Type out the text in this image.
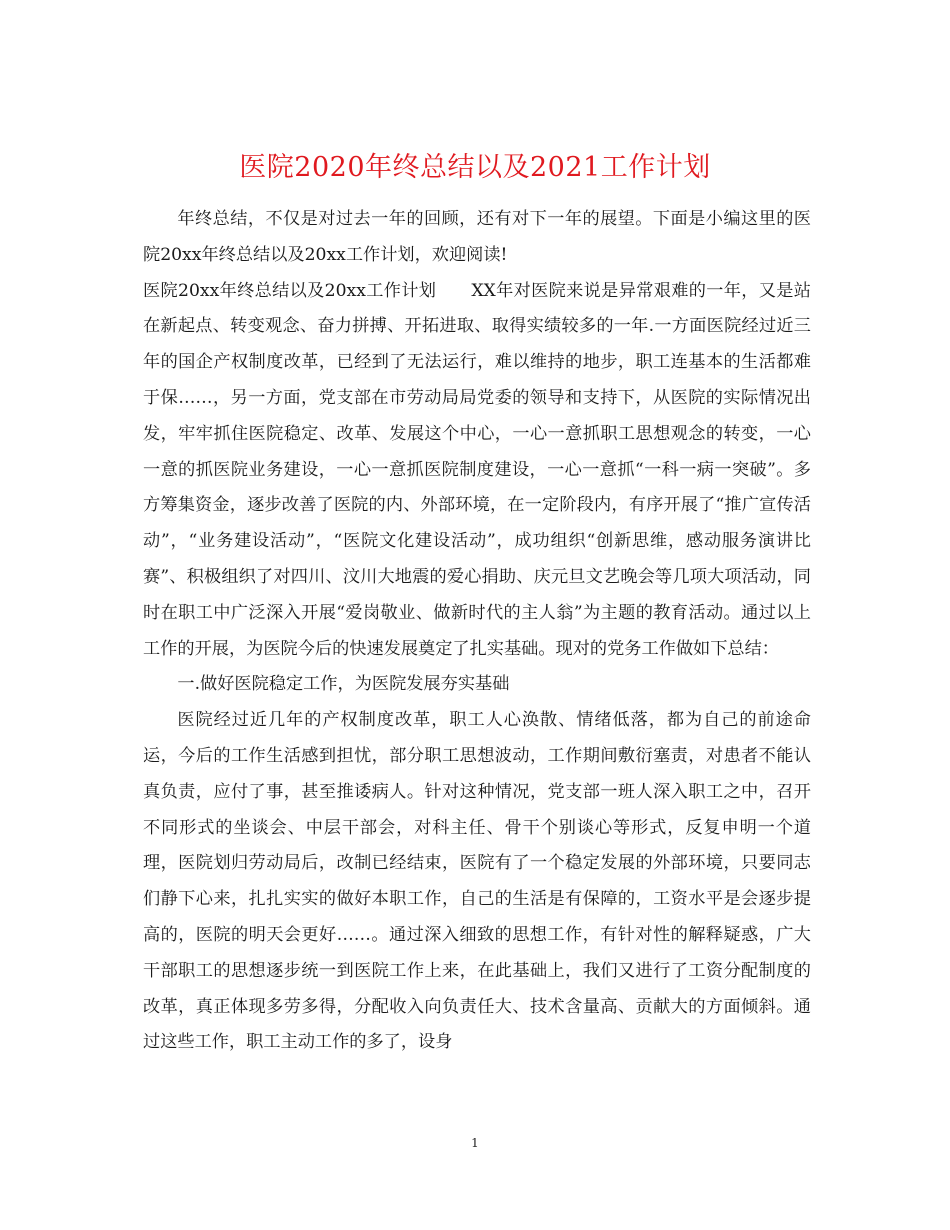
医院2020年终总结以及2021工作计划

年终总结，不仅是对过去一年的回顾，还有对下一年的展望。下面是小编这里的医院20xx年终总结以及20xx工作计划，欢迎阅读!

医院20xx年终总结以及20xx工作计划　　XX年对医院来说是异常艰难的一年，又是站在新起点、转变观念、奋力拼搏、开拓进取、取得实绩较多的一年.一方面医院经过近三年的国企产权制度改革，已经到了无法运行，难以维持的地步，职工连基本的生活都难于保……，另一方面，党支部在市劳动局局党委的领导和支持下，从医院的实际情况出发，牢牢抓住医院稳定、改革、发展这个中心，一心一意抓职工思想观念的转变，一心一意的抓医院业务建设，一心一意抓医院制度建设，一心一意抓“一科一病一突破”。多方筹集资金，逐步改善了医院的内、外部环境，在一定阶段内，有序开展了“推广宣传活动”，“业务建设活动”，“医院文化建设活动”，成功组织“创新思维，感动服务演讲比赛”、积极组织了对四川、汶川大地震的爱心捐助、庆元旦文艺晚会等几项大项活动，同时在职工中广泛深入开展“爱岗敬业、做新时代的主人翁”为主题的教育活动。通过以上工作的开展，为医院今后的快速发展奠定了扎实基础。现对的党务工作做如下总结：

一.做好医院稳定工作，为医院发展夯实基础

医院经过近几年的产权制度改革，职工人心涣散、情绪低落，都为自己的前途命运，今后的工作生活感到担忧，部分职工思想波动，工作期间敷衍塞责，对患者不能认真负责，应付了事，甚至推诿病人。针对这种情况，党支部一班人深入职工之中，召开不同形式的坐谈会、中层干部会，对科主任、骨干个别谈心等形式，反复申明一个道理，医院划归劳动局后，改制已经结束，医院有了一个稳定发展的外部环境，只要同志们静下心来，扎扎实实的做好本职工作，自己的生活是有保障的，工资水平是会逐步提高的，医院的明天会更好……。通过深入细致的思想工作，有针对性的解释疑惑，广大干部职工的思想逐步统一到医院工作上来，在此基础上，我们又进行了工资分配制度的改革，真正体现多劳多得，分配收入向负责任大、技术含量高、贡献大的方面倾斜。通过这些工作，职工主动工作的多了，设身

1
